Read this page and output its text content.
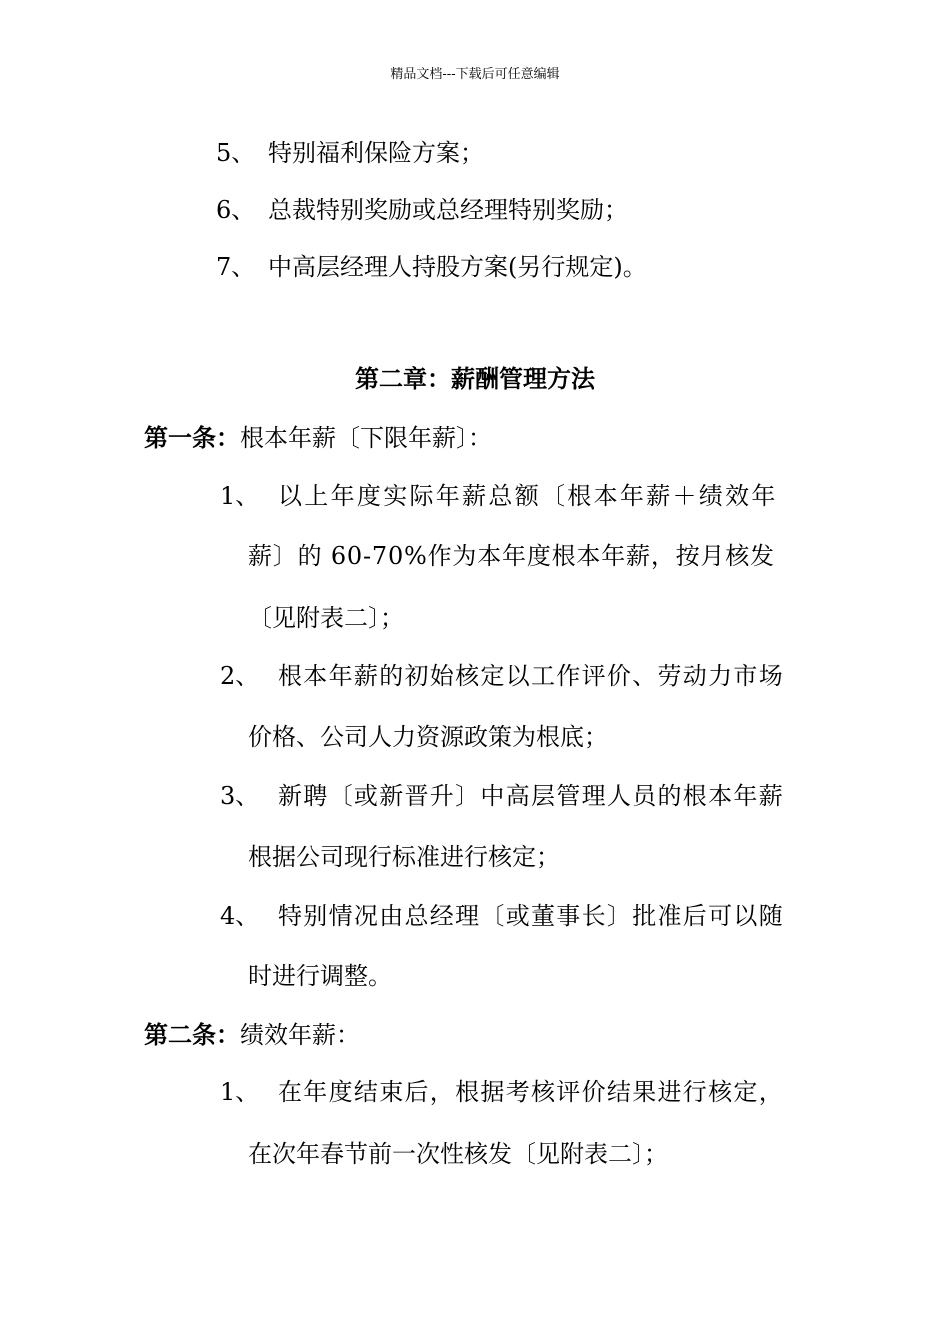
精品文档---下载后可任意编辑
5、 特别福利保险方案；
6、 总裁特别奖励或总经理特别奖励；
7、 中高层经理人持股方案(另行规定)。
第二章：薪酬管理方法
第一条：根本年薪〔下限年薪〕：
1、 以上年度实际年薪总额〔根本年薪＋绩效年
薪〕的 60-70%作为本年度根本年薪，按月核发
〔见附表二〕；
2、 根本年薪的初始核定以工作评价、劳动力市场
价格、公司人力资源政策为根底；
3、 新聘〔或新晋升〕中高层管理人员的根本年薪
根据公司现行标准进行核定；
4、 特别情况由总经理〔或董事长〕批准后可以随
时进行调整。
第二条：绩效年薪：
1、 在年度结束后，根据考核评价结果进行核定，
在次年春节前一次性核发〔见附表二〕；
